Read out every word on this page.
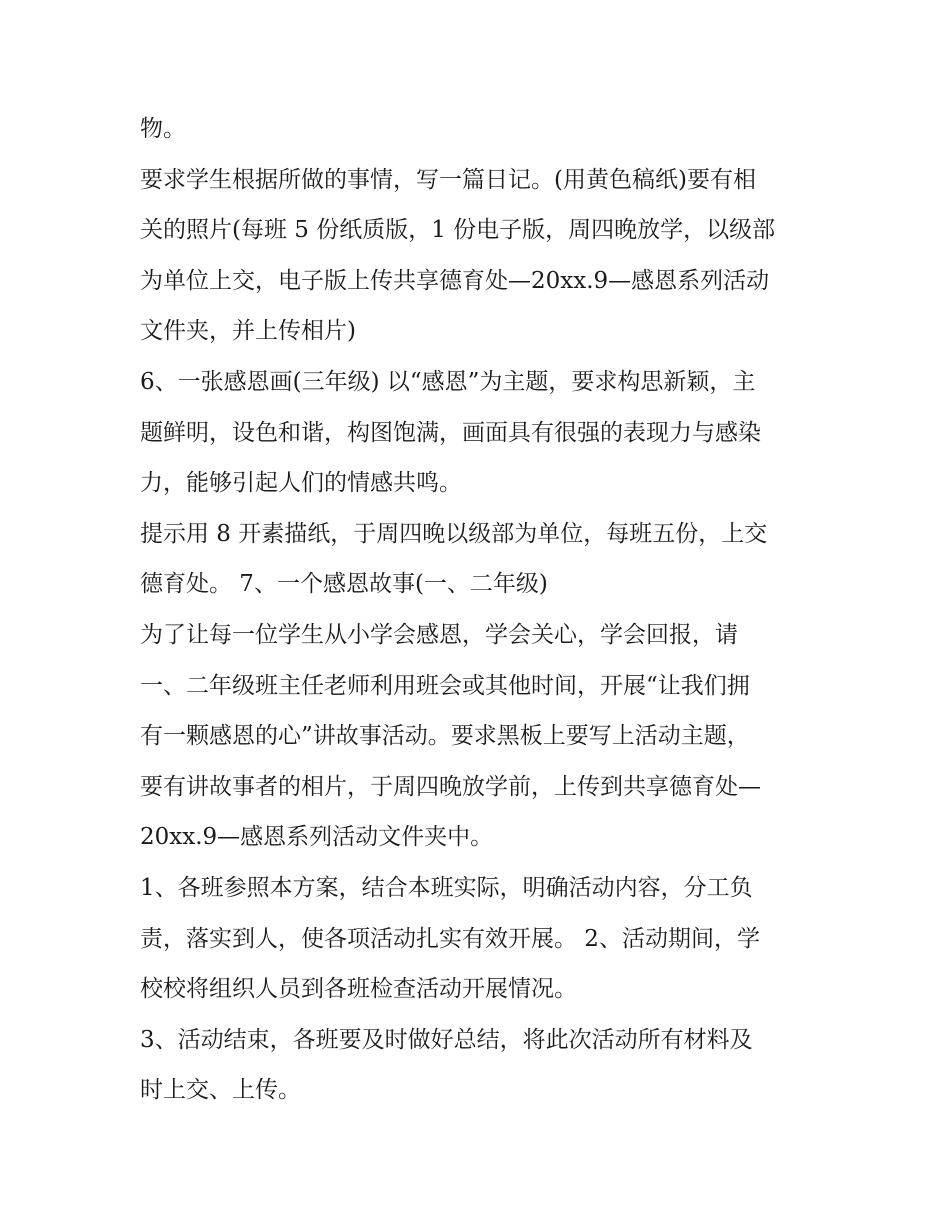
物。
要求学生根据所做的事情，写一篇日记。(用黄色稿纸)要有相
关的照片(每班 5 份纸质版，1 份电子版，周四晚放学，以级部
为单位上交，电子版上传共享德育处—20xx.9—感恩系列活动
文件夹，并上传相片)
6、一张感恩画(三年级) 以“感恩”为主题，要求构思新颖，主
题鲜明，设色和谐，构图饱满，画面具有很强的表现力与感染
力，能够引起人们的情感共鸣。
提示用 8 开素描纸，于周四晚以级部为单位，每班五份，上交
德育处。 7、一个感恩故事(一、二年级)
为了让每一位学生从小学会感恩，学会关心，学会回报，请
一、二年级班主任老师利用班会或其他时间，开展“让我们拥
有一颗感恩的心”讲故事活动。要求黑板上要写上活动主题，
要有讲故事者的相片，于周四晚放学前，上传到共享德育处—
20xx.9—感恩系列活动文件夹中。
1、各班参照本方案，结合本班实际，明确活动内容，分工负
责，落实到人，使各项活动扎实有效开展。 2、活动期间，学
校校将组织人员到各班检查活动开展情况。
3、活动结束，各班要及时做好总结，将此次活动所有材料及
时上交、上传。
